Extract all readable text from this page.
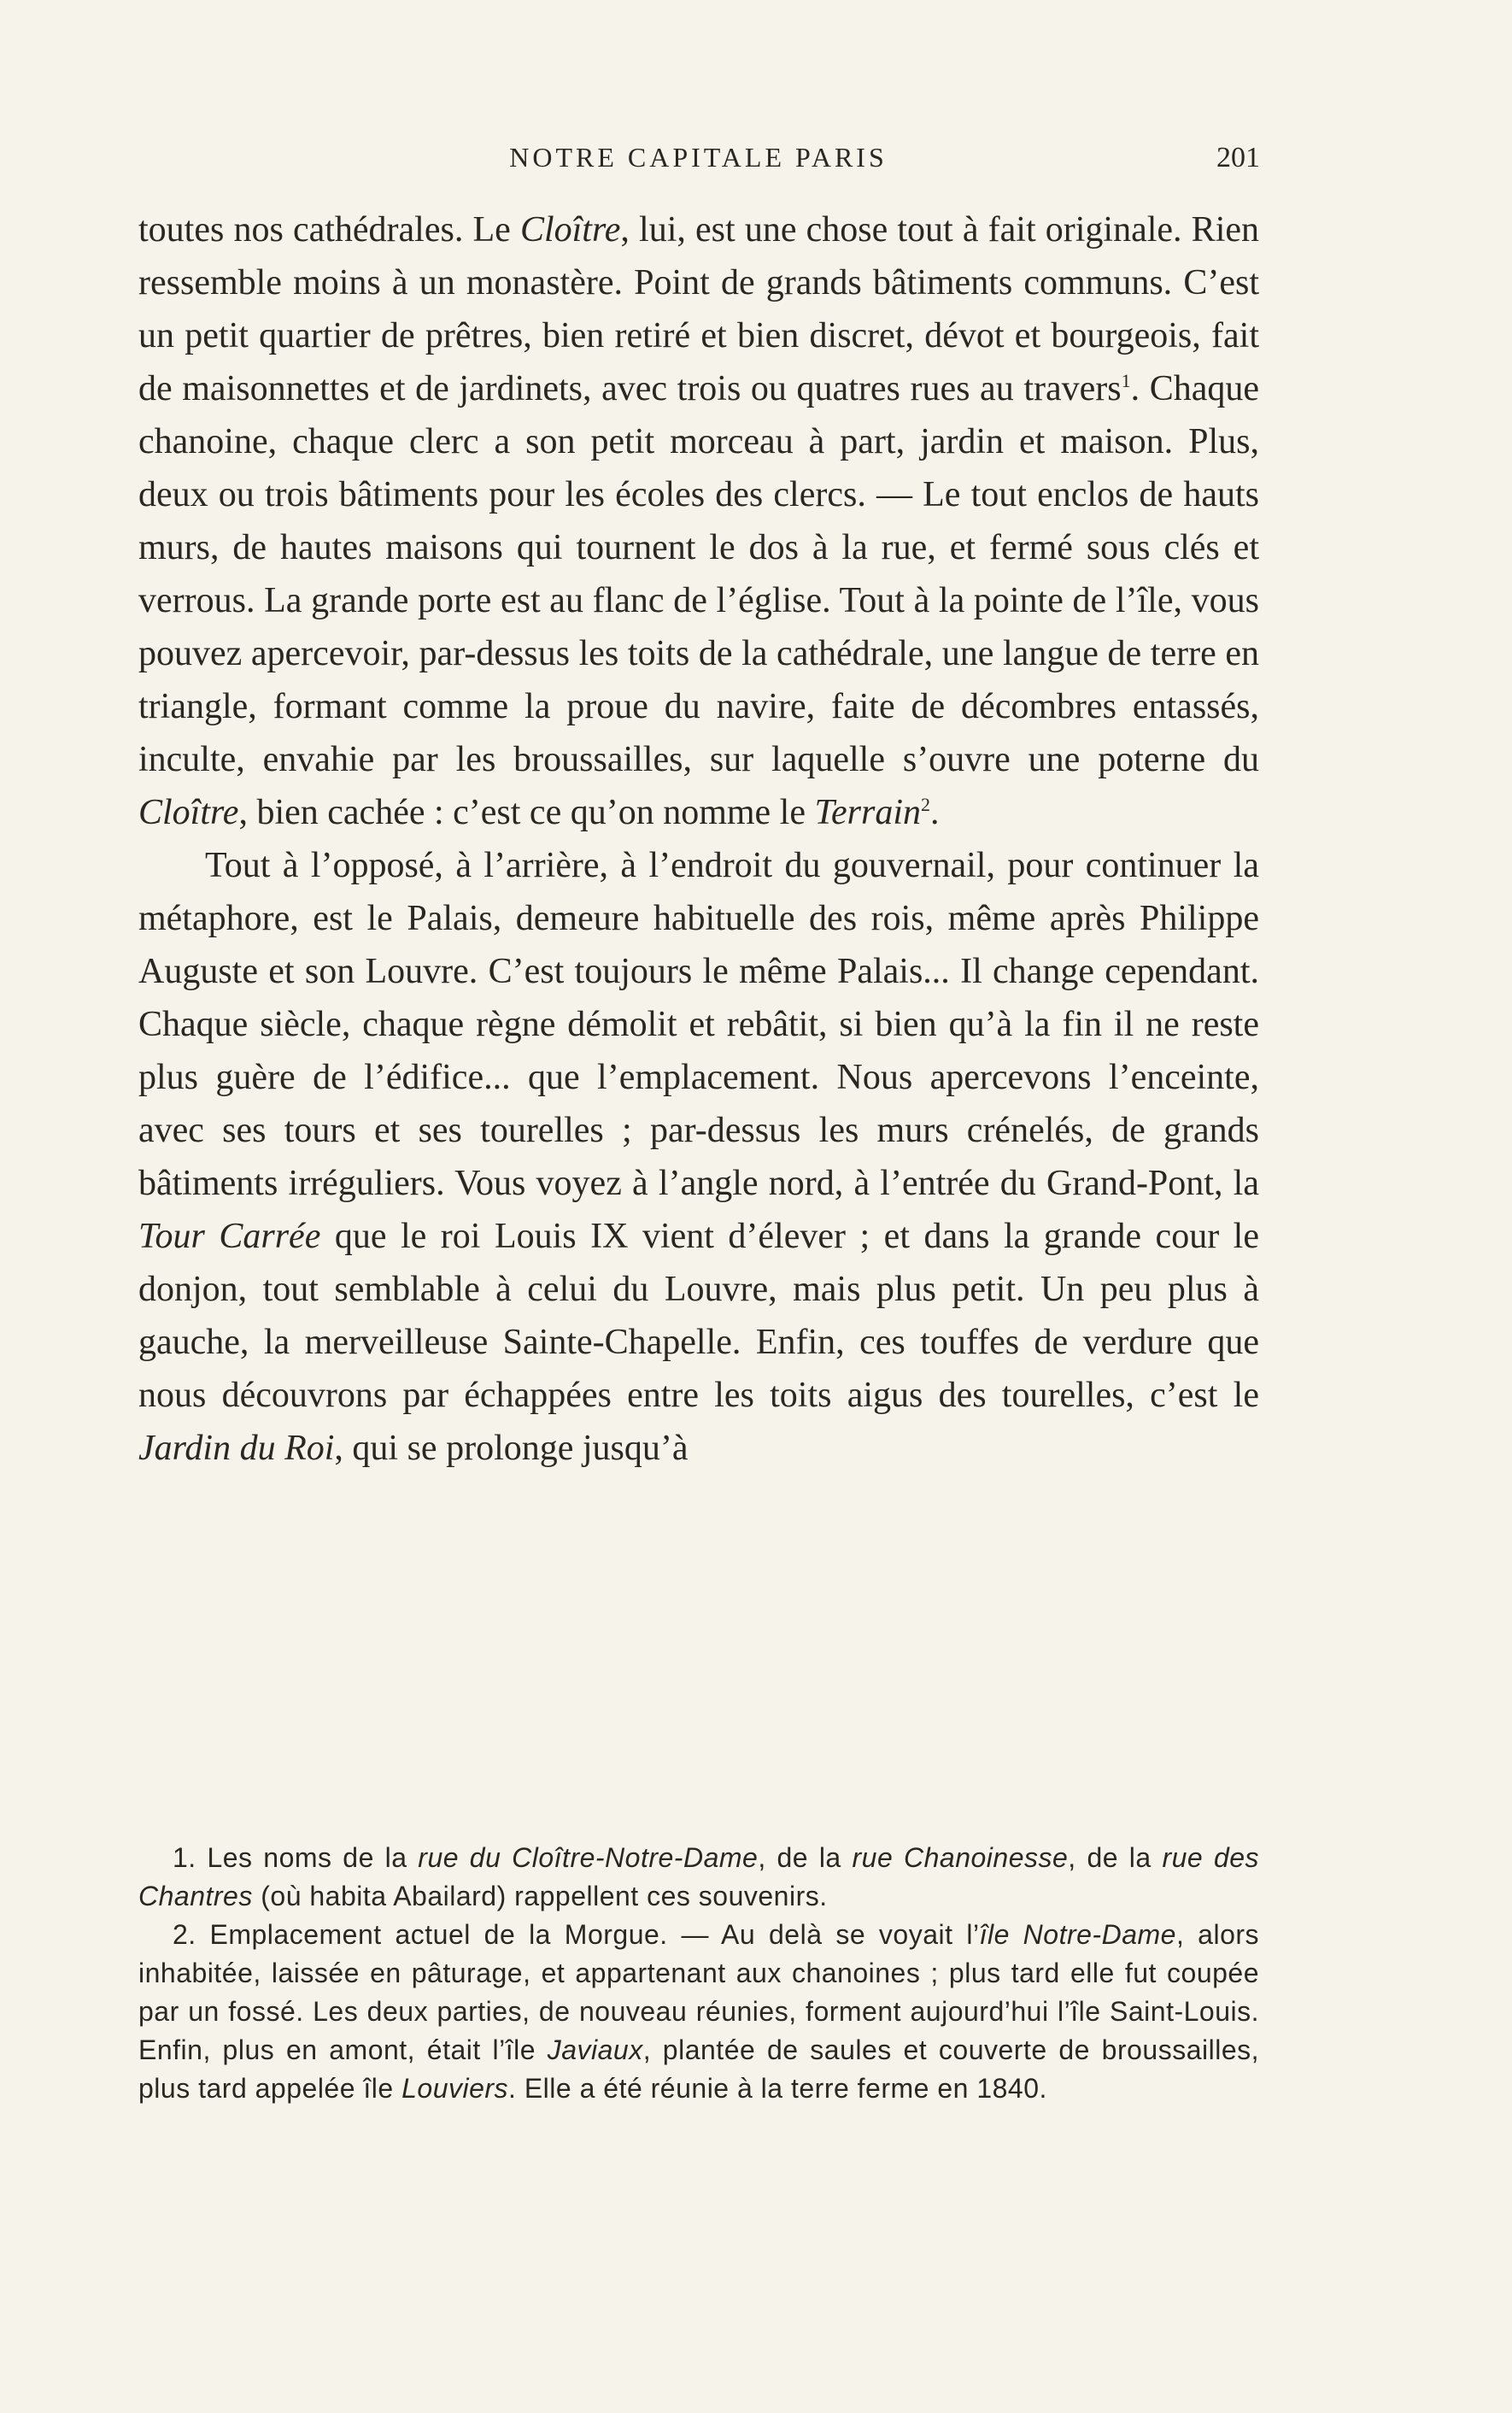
NOTRE CAPITALE PARIS	201

toutes nos cathédrales. Le Cloître, lui, est une chose tout à fait originale. Rien ressemble moins à un monastère. Point de grands bâtiments communs. C’est un petit quartier de prêtres, bien retiré et bien discret, dévot et bourgeois, fait de maisonnettes et de jardinets, avec trois ou quatres rues au travers$^1$. Chaque chanoine, chaque clerc a son petit morceau à part, jardin et maison. Plus, deux ou trois bâtiments pour les écoles des clercs. — Le tout enclos de hauts murs, de hautes maisons qui tournent le dos à la rue, et fermé sous clés et verrous. La grande porte est au flanc de l’église. Tout à la pointe de l’île, vous pouvez apercevoir, par-dessus les toits de la cathédrale, une langue de terre en triangle, formant comme la proue du navire, faite de décombres entassés, inculte, envahie par les broussailles, sur laquelle s’ouvre une poterne du Cloître, bien cachée : c’est ce qu’on nomme le Terrain$^2$.

Tout à l’opposé, à l’arrière, à l’endroit du gouvernail, pour continuer la métaphore, est le Palais, demeure habituelle des rois, même après Philippe Auguste et son Louvre. C’est toujours le même Palais... Il change cependant. Chaque siècle, chaque règne démolit et rebâtit, si bien qu’à la fin il ne reste plus guère de l’édifice... que l’emplacement. Nous apercevons l’enceinte, avec ses tours et ses tourelles ; par-dessus les murs crénelés, de grands bâtiments irréguliers. Vous voyez à l’angle nord, à l’entrée du Grand-Pont, la Tour Carrée que le roi Louis IX vient d’élever ; et dans la grande cour le donjon, tout semblable à celui du Louvre, mais plus petit. Un peu plus à gauche, la merveilleuse Sainte-Chapelle. Enfin, ces touffes de verdure que nous découvrons par échappées entre les toits aigus des tourelles, c’est le Jardin du Roi, qui se prolonge jusqu’à

1. Les noms de la rue du Cloître-Notre-Dame, de la rue Chanoinesse, de la rue des Chantres (où habita Abailard) rappellent ces souvenirs.

2. Emplacement actuel de la Morgue. — Au delà se voyait l’île Notre-Dame, alors inhabitée, laissée en pâturage, et appartenant aux chanoines ; plus tard elle fut coupée par un fossé. Les deux parties, de nouveau réunies, forment aujourd’hui l’île Saint-Louis. Enfin, plus en amont, était l’île Javiaux, plantée de saules et couverte de broussailles, plus tard appelée île Louviers. Elle a été réunie à la terre ferme en 1840.
